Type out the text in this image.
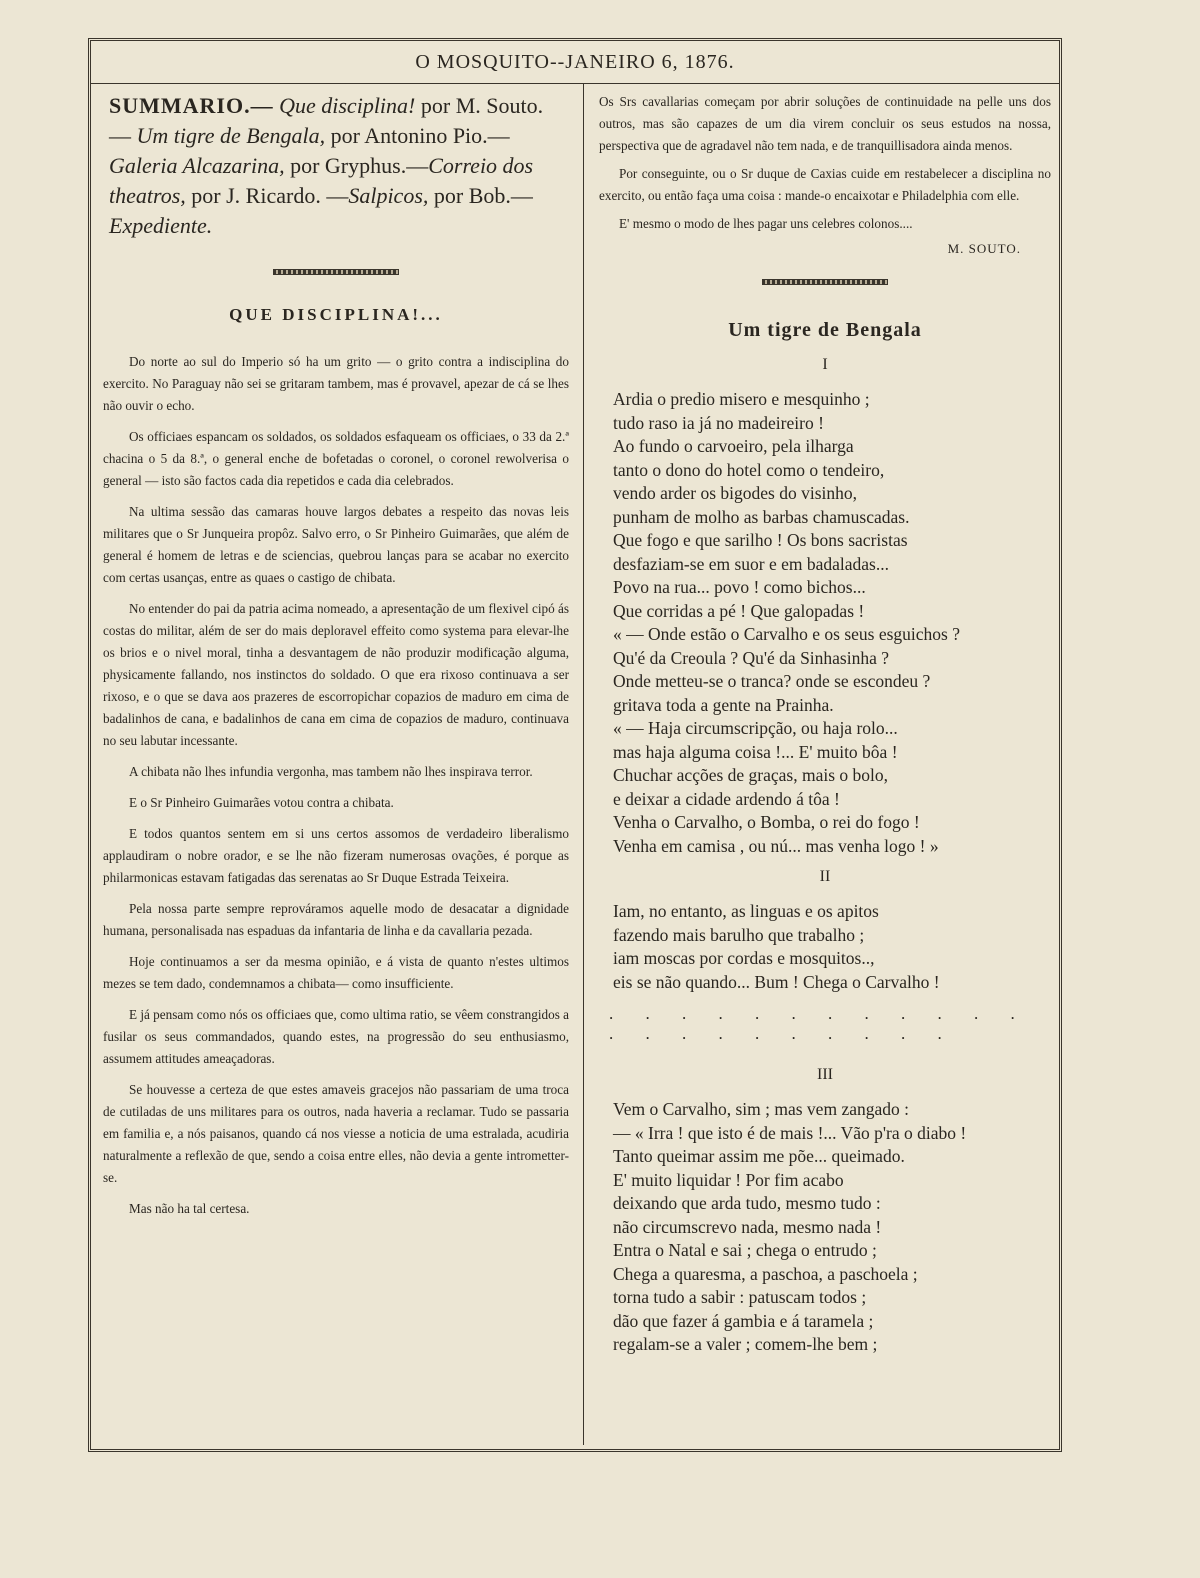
O MOSQUITO--JANEIRO 6, 1876.

SUMMARIO.— Que disciplina! por M. Souto. — Um tigre de Bengala, por Antonino Pio.— Galeria Alcazarina, por Gryphus.—Correio dos theatros, por J. Ricardo. —Salpicos, por Bob.— Expediente.

QUE DISCIPLINA!...

Do norte ao sul do Imperio só ha um grito — o grito contra a indisciplina do exercito. No Paraguay não sei se gritaram tambem, mas é provavel, apezar de cá se lhes não ouvir o echo.

Os officiaes espancam os soldados, os soldados esfaqueam os officiaes, o 33 da 2.ª chacina o 5 da 8.ª, o general enche de bofetadas o coronel, o coronel rewolverisa o general — isto são factos cada dia repetidos e cada dia celebrados.

Na ultima sessão das camaras houve largos debates a respeito das novas leis militares que o Sr Junqueira propôz. Salvo erro, o Sr Pinheiro Guimarães, que além de general é homem de letras e de sciencias, quebrou lanças para se acabar no exercito com certas usanças, entre as quaes o castigo de chibata.

No entender do pai da patria acima nomeado, a apresentação de um flexivel cipó ás costas do militar, além de ser do mais deploravel effeito como systema para elevar-lhe os brios e o nivel moral, tinha a desvantagem de não produzir modificação alguma, physicamente fallando, nos instinctos do soldado. O que era rixoso continuava a ser rixoso, e o que se dava aos prazeres de escorropichar copazios de maduro em cima de badalinhos de cana, e badalinhos de cana em cima de copazios de maduro, continuava no seu labutar incessante.

A chibata não lhes infundia vergonha, mas tambem não lhes inspirava terror.

E o Sr Pinheiro Guimarães votou contra a chibata.

E todos quantos sentem em si uns certos assomos de verdadeiro liberalismo applaudiram o nobre orador, e se lhe não fizeram numerosas ovações, é porque as philarmonicas estavam fatigadas das serenatas ao Sr Duque Estrada Teixeira.

Pela nossa parte sempre reprováramos aquelle modo de desacatar a dignidade humana, personalisada nas espaduas da infantaria de linha e da cavallaria pezada.

Hoje continuamos a ser da mesma opinião, e á vista de quanto n'estes ultimos mezes se tem dado, condemnamos a chibata— como insufficiente.

E já pensam como nós os officiaes que, como ultima ratio, se vêem constrangidos a fusilar os seus commandados, quando estes, na progressão do seu enthusiasmo, assumem attitudes ameaçadoras.

Se houvesse a certeza de que estes amaveis gracejos não passariam de uma troca de cutiladas de uns militares para os outros, nada haveria a reclamar. Tudo se passaria em familia e, a nós paisanos, quando cá nos viesse a noticia de uma estralada, acudiria naturalmente a reflexão de que, sendo a coisa entre elles, não devia a gente intrometter-se.

Mas não ha tal certesa.

Os Srs cavallarias começam por abrir soluções de continuidade na pelle uns dos outros, mas são capazes de um dia virem concluir os seus estudos na nossa, perspectiva que de agradavel não tem nada, e de tranquillisadora ainda menos.

Por conseguinte, ou o Sr duque de Caxias cuide em restabelecer a disciplina no exercito, ou então faça uma coisa : mande-o encaixotar e Philadelphia com elle.

E' mesmo o modo de lhes pagar uns celebres colonos....

M. SOUTO.
Um tigre de Bengala
I
Ardia o predio misero e mesquinho ;
tudo raso ia já no madeireiro !
Ao fundo o carvoeiro, pela ilharga
tanto o dono do hotel como o tendeiro,
vendo arder os bigodes do visinho,
punham de molho as barbas chamuscadas.
Que fogo e que sarilho ! Os bons sacristas
desfaziam-se em suor e em badaladas...
Povo na rua... povo ! como bichos...
Que corridas a pé ! Que galopadas !
« — Onde estão o Carvalho e os seus esguichos ?
Qu'é da Creoula ? Qu'é da Sinhasinha ?
Onde metteu-se o tranca? onde se escondeu ?
gritava toda a gente na Prainha.
« — Haja circumscripção, ou haja rolo...
mas haja alguma coisa !... E' muito bôa !
Chuchar acções de graças, mais o bolo,
e deixar a cidade ardendo á tôa !
Venha o Carvalho, o Bomba, o rei do fogo !
Venha em camisa , ou nú... mas venha logo ! »
II
Iam, no entanto, as linguas e os apitos
fazendo mais barulho que trabalho ;
iam moscas por cordas e mosquitos..,
eis se não quando... Bum ! Chega o Carvalho !
. . . . . . . . . . . . . . . . . . . . . .
III
Vem o Carvalho, sim ; mas vem zangado :
— « Irra ! que isto é de mais !... Vão p'ra o diabo !
Tanto queimar assim me põe... queimado.
E' muito liquidar ! Por fim acabo
deixando que arda tudo, mesmo tudo :
não circumscrevo nada, mesmo nada !
Entra o Natal e sai ; chega o entrudo ;
Chega a quaresma, a paschoa, a paschoela ;
torna tudo a sabir : patuscam todos ;
dão que fazer á gambia e á taramela ;
regalam-se a valer ; comem-lhe bem ;
